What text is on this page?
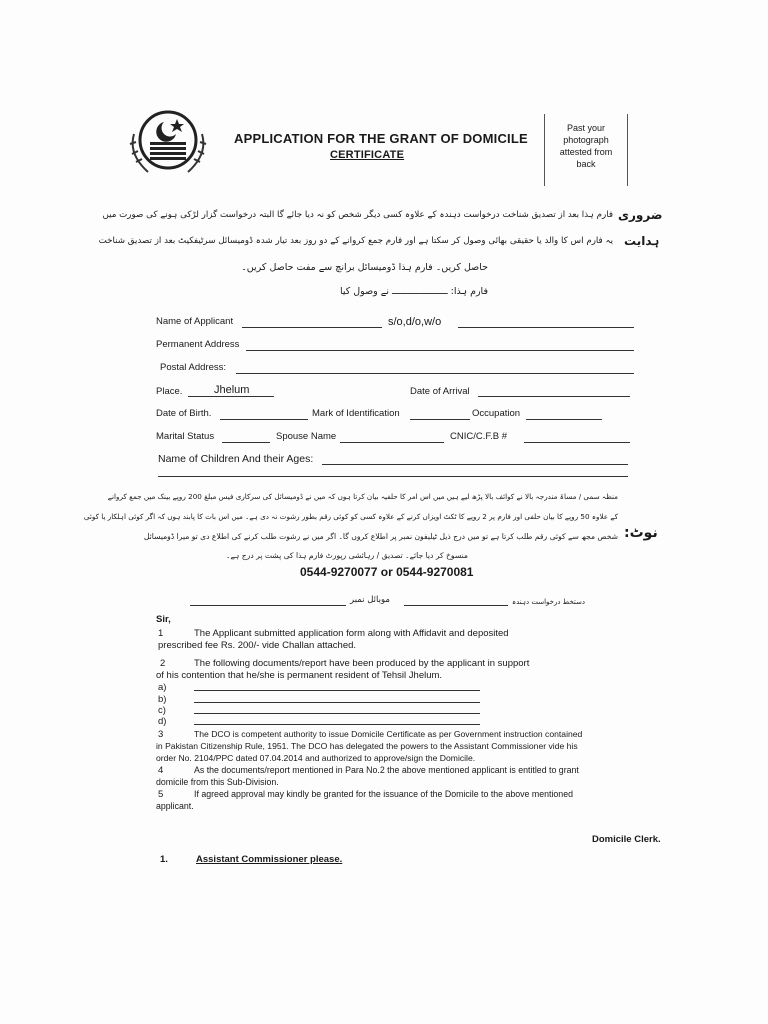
APPLICATION FOR THE GRANT OF DOMICILE
CERTIFICATE
Past your
photograph
attested from
back
ضروری
ہدایت
فارم ہذا بعد از تصدیق شناخت درخواست دہندہ کے علاوہ کسی دیگر شخص کو نہ دیا جائے گا البتہ درخواست گزار لڑکی ہونے کی صورت میں
یہ فارم اس کا والد یا حقیقی بھائی وصول کر سکتا ہے اور فارم جمع کروانے کے دو روز بعد تیار شدہ ڈومیسائل سرٹیفکیٹ بعد از تصدیق شناخت
حاصل کریں۔ فارم ہذا ڈومیسائل برانچ سے مفت حاصل کریں۔
فارم ہذا: ــــــــــــــــــــ نے وصول کیا
Name of Applicant	s/o,d/o,w/o
Permanent Address
Postal Address:
Place.	Jhelum	Date of Arrival
Date of Birth.	Mark of Identification	Occupation
Marital Status	Spouse Name	CNIC/C.F.B #
Name of Children And their Ages:
نوٹ:
منظہ سمی / مساۃ مندرجہ بالا نے کوائف بالا پڑھ لیے ہیں میں اس امر کا حلفیہ بیان کرتا ہوں کہ میں نے ڈومیسائل کی سرکاری فیس مبلغ 200 روپے بینک میں جمع کروانے
کے علاوہ 50 روپے کا بیان حلفی اور فارم پر 2 روپے کا ٹکٹ اویزاں کرنے کے علاوہ کسی کو کوئی رقم بطور رشوت نہ دی ہے۔ میں اس بات کا پابند ہوں کہ اگر کوئی اہلکار یا کوئی
شخص مجھ سے کوئی رقم طلب کرتا ہے تو میں درج ذیل ٹیلیفون نمبر پر اطلاع کروں گا۔ اگر میں نے رشوت طلب کرنے کی اطلاع دی تو میرا ڈومیسائل
منسوخ کر دیا جائے۔ تصدیق / رہائشی رپورٹ فارم ہذا کی پشت پر درج ہے۔
0544-9270077 or 0544-9270081
موبائل نمبر	دستخط درخواست دہندہ
Sir,
1	The Applicant submitted application form along with Affidavit and deposited
prescribed fee Rs. 200/- vide Challan attached.
2	The following documents/report have been produced by the applicant in support
of his contention that he/she is permanent resident of Tehsil Jhelum.
a)
b)
c)
d)
3	The DCO is competent authority to issue Domicile Certificate as per Government instruction contained
in Pakistan Citizenship Rule, 1951. The DCO has delegated the powers to the Assistant Commissioner vide his
order No. 2104/PPC dated 07.04.2014 and authorized to approve/sign the Domicile.
4	As the documents/report mentioned in Para No.2 the above mentioned applicant is entitled to grant
domicile from this Sub-Division.
5	If agreed approval may kindly be granted for the issuance of the Domicile to the above mentioned
applicant.
Domicile Clerk.
1.	Assistant Commissioner please.
